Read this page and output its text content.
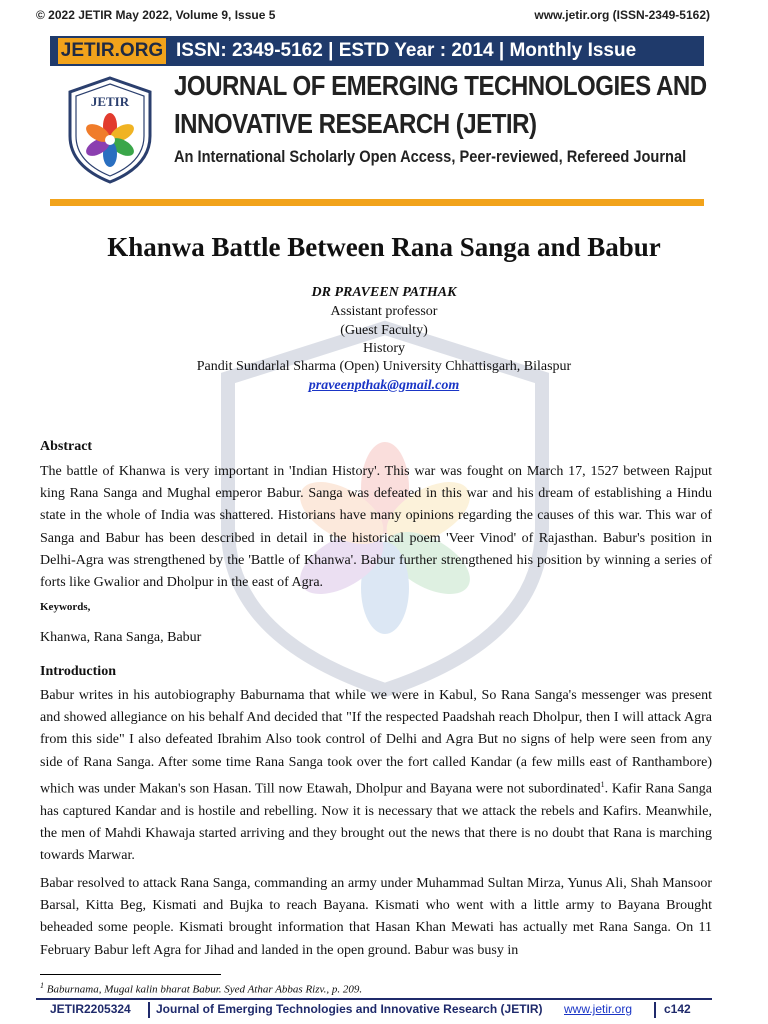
© 2022 JETIR May 2022, Volume 9, Issue 5	www.jetir.org (ISSN-2349-5162)
JETIR.ORG ISSN: 2349-5162 | ESTD Year : 2014 | Monthly Issue
JETIR
JOURNAL OF EMERGING TECHNOLOGIES AND
INNOVATIVE RESEARCH (JETIR)
An International Scholarly Open Access, Peer-reviewed, Refereed Journal
Khanwa Battle Between Rana Sanga and Babur
DR PRAVEEN PATHAK
Assistant professor
(Guest Faculty)
History
Pandit Sundarlal Sharma (Open) University Chhattisgarh, Bilaspur
praveenpthak@gmail.com
Abstract

The battle of Khanwa is very important in 'Indian History'. This war was fought on March 17, 1527 between Rajput king Rana Sanga and Mughal emperor Babur. Sanga was defeated in this war and his dream of establishing a Hindu state in the whole of India was shattered. Historians have many opinions regarding the causes of this war. This war of Sanga and Babur has been described in detail in the historical poem 'Veer Vinod' of Rajasthan. Babur's position in Delhi-Agra was strengthened by the 'Battle of Khanwa'. Babur further strengthened his position by winning a series of forts like Gwalior and Dholpur in the east of Agra.

Keywords,
Khanwa, Rana Sanga, Babur
Introduction

Babur writes in his autobiography Baburnama that while we were in Kabul, So Rana Sanga's messenger was present and showed allegiance on his behalf And decided that "If the respected Paadshah reach Dholpur, then I will attack Agra from this side" I also defeated Ibrahim Also took control of Delhi and Agra But no signs of help were seen from any side of Rana Sanga. After some time Rana Sanga took over the fort called Kandar (a few mills east of Ranthambore) which was under Makan's son Hasan. Till now Etawah, Dholpur and Bayana were not subordinated$^1$. Kafir Rana Sanga has captured Kandar and is hostile and rebelling. Now it is necessary that we attack the rebels and Kafirs. Meanwhile, the men of Mahdi Khawaja started arriving and they brought out the news that there is no doubt that Rana is marching towards Marwar.

Babar resolved to attack Rana Sanga, commanding an army under Muhammad Sultan Mirza, Yunus Ali, Shah Mansoor Barsal, Kitta Beg, Kismati and Bujka to reach Bayana. Kismati who went with a little army to Bayana Brought beheaded some people. Kismati brought information that Hasan Khan Mewati has actually met Rana Sanga. On 11 February Babur left Agra for Jihad and landed in the open ground. Babur was busy in

$^1$ Baburnama, Mugal kalin bharat Babur. Syed Athar Abbas Rizv., p. 209.
JETIR2205324 Journal of Emerging Technologies and Innovative Research (JETIR) www.jetir.org	c142
